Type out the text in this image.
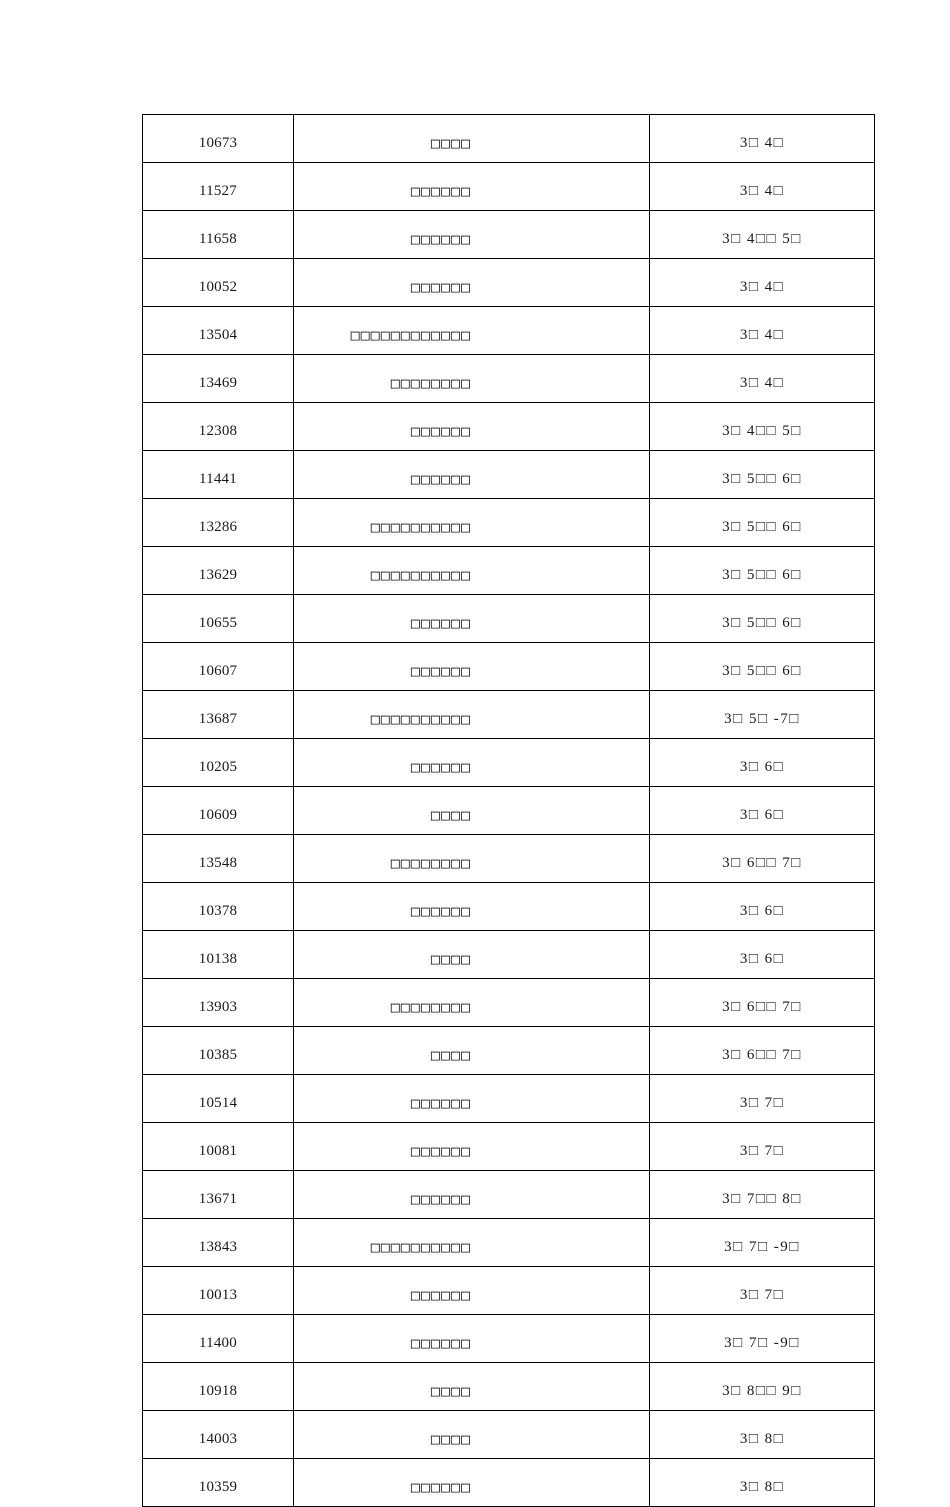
10673	□□□□	3□ 4□
11527	□□□□□□	3□ 4□
11658	□□□□□□	3□ 4□□ 5□
10052	□□□□□□	3□ 4□
13504	□□□□□□□□□□□□	3□ 4□
13469	□□□□□□□□	3□ 4□
12308	□□□□□□	3□ 4□□ 5□
11441	□□□□□□	3□ 5□□ 6□
13286	□□□□□□□□□□	3□ 5□□ 6□
13629	□□□□□□□□□□	3□ 5□□ 6□
10655	□□□□□□	3□ 5□□ 6□
10607	□□□□□□	3□ 5□□ 6□
13687	□□□□□□□□□□	3□ 5□ -7□
10205	□□□□□□	3□ 6□
10609	□□□□	3□ 6□
13548	□□□□□□□□	3□ 6□□ 7□
10378	□□□□□□	3□ 6□
10138	□□□□	3□ 6□
13903	□□□□□□□□	3□ 6□□ 7□
10385	□□□□	3□ 6□□ 7□
10514	□□□□□□	3□ 7□
10081	□□□□□□	3□ 7□
13671	□□□□□□	3□ 7□□ 8□
13843	□□□□□□□□□□	3□ 7□ -9□
10013	□□□□□□	3□ 7□
11400	□□□□□□	3□ 7□ -9□
10918	□□□□	3□ 8□□ 9□
14003	□□□□	3□ 8□
10359	□□□□□□	3□ 8□
